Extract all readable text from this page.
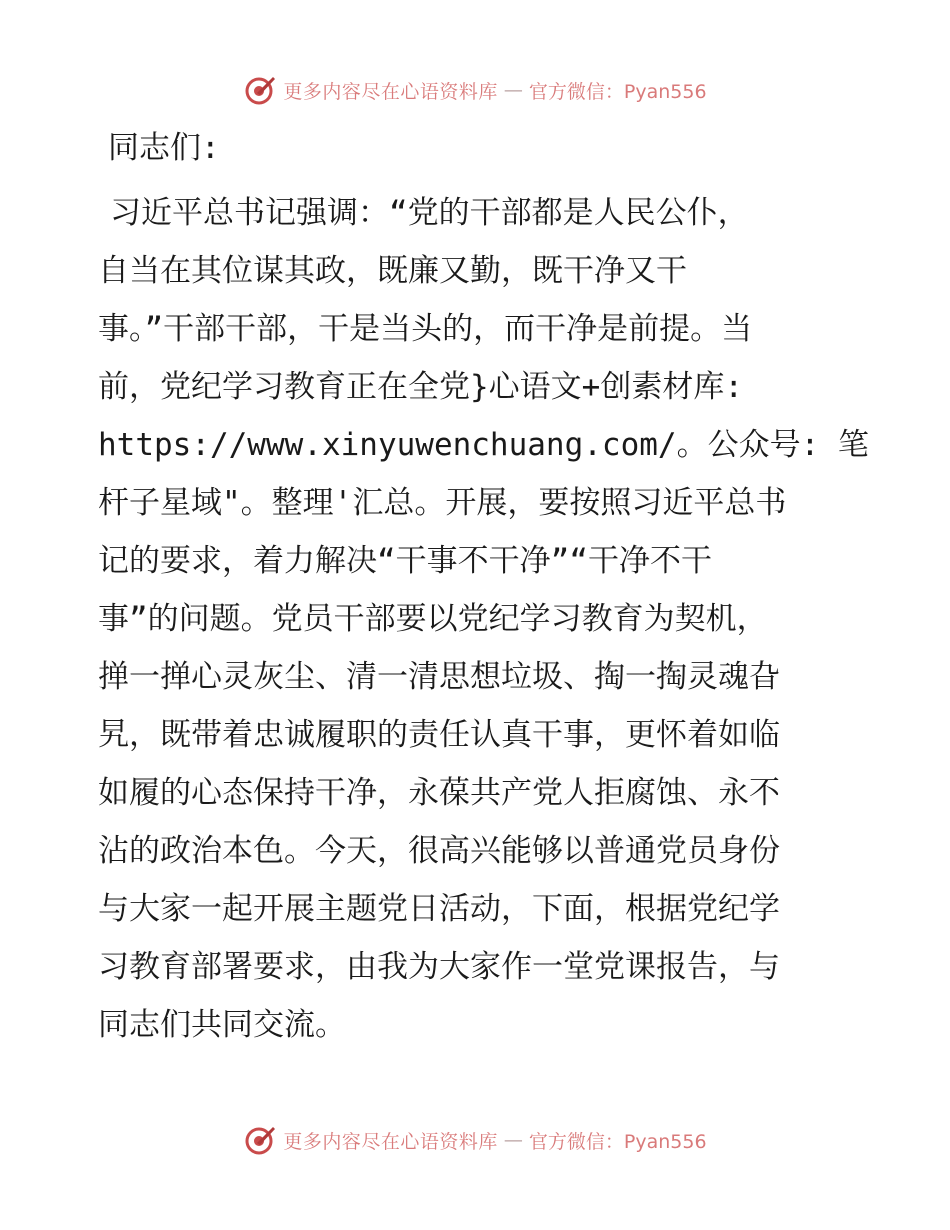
更多内容尽在心语资料库 — 官方微信：Pyan556
同志们:
习近平总书记强调：“党的干部都是人民公仆，
自当在其位谋其政，既廉又勤，既干净又干
事。”干部干部，干是当头的，而干净是前提。当
前，党纪学习教育正在全党}心语文+创素材库:
https://www.xinyuwenchuang.com/。公众号: 笔
杆子星域"。整理'汇总。开展，要按照习近平总书
记的要求，着力解决“干事不干净”“干净不干
事”的问题。党员干部要以党纪学习教育为契机，
掸一掸心灵灰尘、清一清思想垃圾、掏一掏灵魂旮
旯，既带着忠诚履职的责任认真干事，更怀着如临
如履的心态保持干净，永葆共产党人拒腐蚀、永不
沾的政治本色。今天，很高兴能够以普通党员身份
与大家一起开展主题党日活动，下面，根据党纪学
习教育部署要求，由我为大家作一堂党课报告，与
同志们共同交流。
更多内容尽在心语资料库 — 官方微信：Pyan556
